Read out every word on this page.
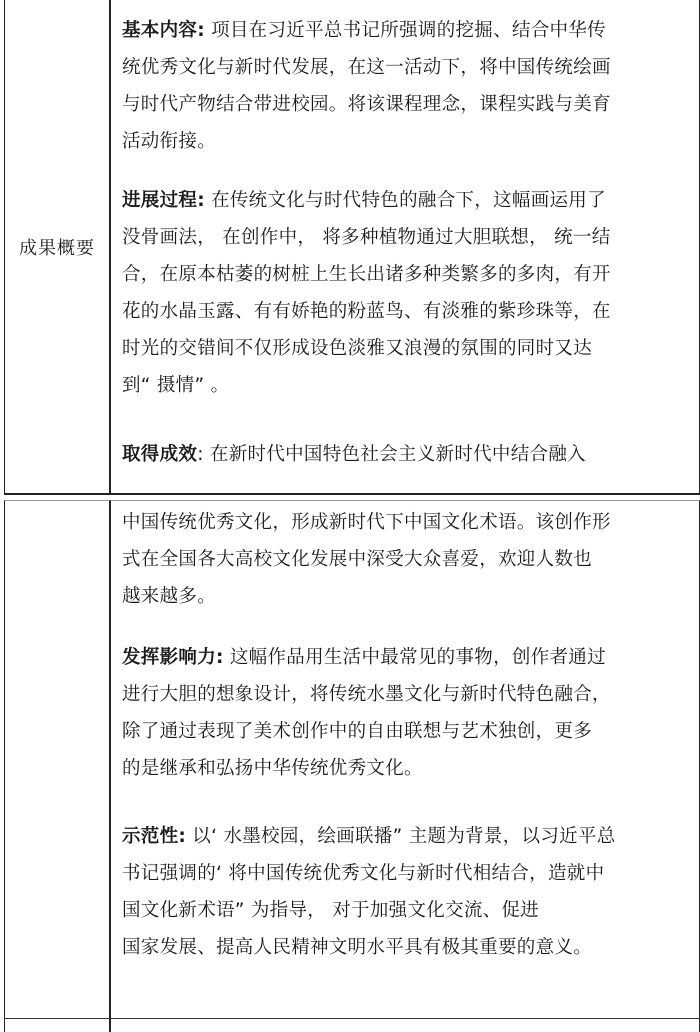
成果概要
基本内容: 项目在习近平总书记所强调的挖掘、结合中华传
统优秀文化与新时代发展，在这一活动下，将中国传统绘画
与时代产物结合带进校园。将该课程理念，课程实践与美育
活动衔接。
进展过程: 在传统文化与时代特色的融合下，这幅画运用了
没骨画法， 在创作中， 将多种植物通过大胆联想， 统一结
合，在原本枯萎的树桩上生长出诸多种类繁多的多肉，有开
花的水晶玉露、有有娇艳的粉蓝鸟、有淡雅的紫珍珠等，在
时光的交错间不仅形成设色淡雅又浪漫的氛围的同时又达
到“ 摄情” 。
取得成效: 在新时代中国特色社会主义新时代中结合融入
中国传统优秀文化，形成新时代下中国文化术语。该创作形
式在全国各大高校文化发展中深受大众喜爱，欢迎人数也
越来越多。
发挥影响力: 这幅作品用生活中最常见的事物，创作者通过
进行大胆的想象设计，将传统水墨文化与新时代特色融合，
除了通过表现了美术创作中的自由联想与艺术独创，更多
的是继承和弘扬中华传统优秀文化。
示范性: 以‘ 水墨校园，绘画联播” 主题为背景，以习近平总
书记强调的‘ 将中国传统优秀文化与新时代相结合，造就中
国文化新术语” 为指导， 对于加强文化交流、促进
国家发展、提高人民精神文明水平具有极其重要的意义。
